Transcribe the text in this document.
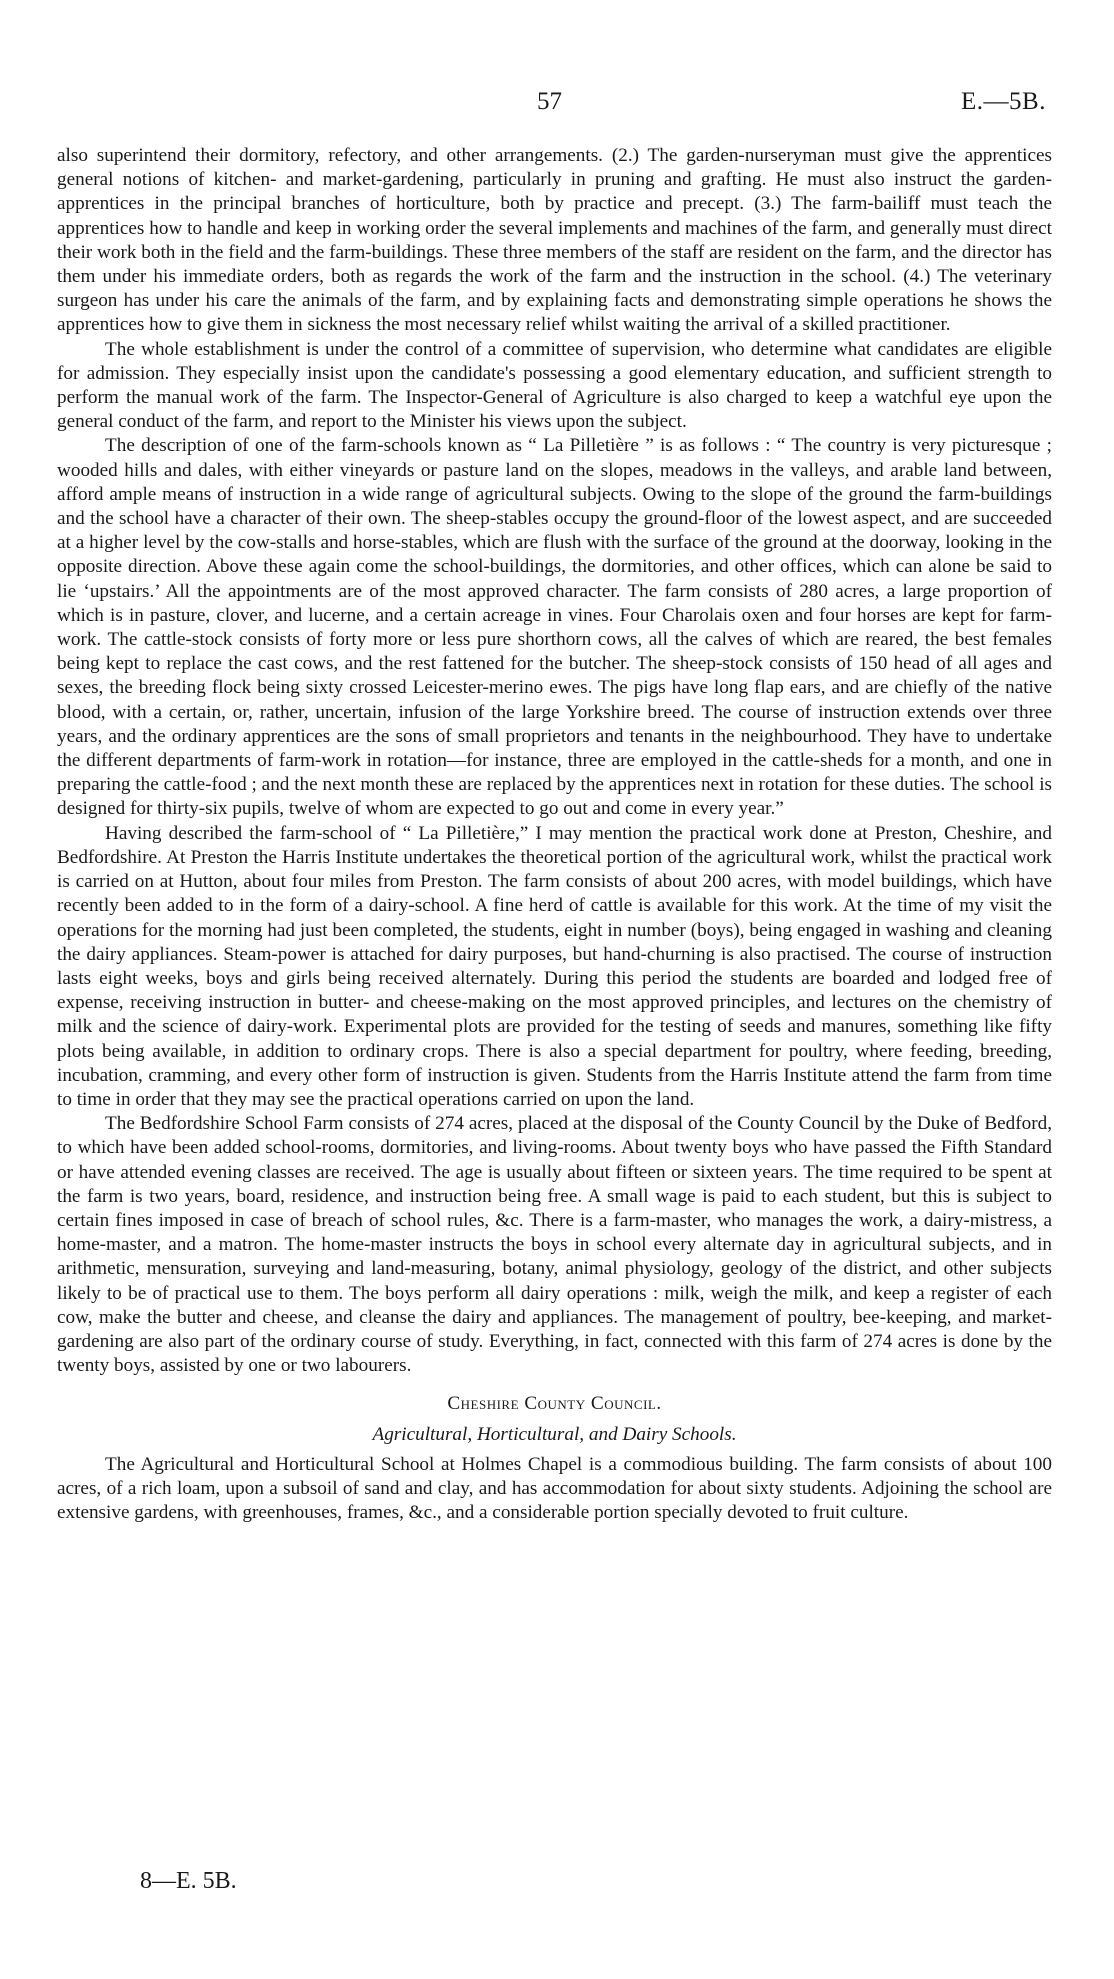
57	E.—5B.

also superintend their dormitory, refectory, and other arrangements. (2.) The garden-nurseryman must give the apprentices general notions of kitchen- and market-gardening, particularly in pruning and grafting. He must also instruct the garden-apprentices in the principal branches of horticulture, both by practice and precept. (3.) The farm-bailiff must teach the apprentices how to handle and keep in working order the several implements and machines of the farm, and generally must direct their work both in the field and the farm-buildings. These three members of the staff are resident on the farm, and the director has them under his immediate orders, both as regards the work of the farm and the instruction in the school. (4.) The veterinary surgeon has under his care the animals of the farm, and by explaining facts and demonstrating simple operations he shows the apprentices how to give them in sickness the most necessary relief whilst waiting the arrival of a skilled practitioner.

The whole establishment is under the control of a committee of supervision, who determine what candidates are eligible for admission. They especially insist upon the candidate's possessing a good elementary education, and sufficient strength to perform the manual work of the farm. The Inspector-General of Agriculture is also charged to keep a watchful eye upon the general conduct of the farm, and report to the Minister his views upon the subject.

The description of one of the farm-schools known as “ La Pilletière ” is as follows : “ The country is very picturesque ; wooded hills and dales, with either vineyards or pasture land on the slopes, meadows in the valleys, and arable land between, afford ample means of instruction in a wide range of agricultural subjects. Owing to the slope of the ground the farm-buildings and the school have a character of their own. The sheep-stables occupy the ground-floor of the lowest aspect, and are succeeded at a higher level by the cow-stalls and horse-stables, which are flush with the surface of the ground at the doorway, looking in the opposite direction. Above these again come the school-buildings, the dormitories, and other offices, which can alone be said to lie ‘upstairs.’ All the appointments are of the most approved character. The farm consists of 280 acres, a large proportion of which is in pasture, clover, and lucerne, and a certain acreage in vines. Four Charolais oxen and four horses are kept for farm-work. The cattle-stock consists of forty more or less pure shorthorn cows, all the calves of which are reared, the best females being kept to replace the cast cows, and the rest fattened for the butcher. The sheep-stock consists of 150 head of all ages and sexes, the breeding flock being sixty crossed Leicester-merino ewes. The pigs have long flap ears, and are chiefly of the native blood, with a certain, or, rather, uncertain, infusion of the large Yorkshire breed. The course of instruction extends over three years, and the ordinary apprentices are the sons of small proprietors and tenants in the neighbourhood. They have to undertake the different departments of farm-work in rotation—for instance, three are employed in the cattle-sheds for a month, and one in preparing the cattle-food ; and the next month these are replaced by the apprentices next in rotation for these duties. The school is designed for thirty-six pupils, twelve of whom are expected to go out and come in every year.”

Having described the farm-school of “ La Pilletière,” I may mention the practical work done at Preston, Cheshire, and Bedfordshire. At Preston the Harris Institute undertakes the theoretical portion of the agricultural work, whilst the practical work is carried on at Hutton, about four miles from Preston. The farm consists of about 200 acres, with model buildings, which have recently been added to in the form of a dairy-school. A fine herd of cattle is available for this work. At the time of my visit the operations for the morning had just been completed, the students, eight in number (boys), being engaged in washing and cleaning the dairy appliances. Steam-power is attached for dairy purposes, but hand-churning is also practised. The course of instruction lasts eight weeks, boys and girls being received alternately. During this period the students are boarded and lodged free of expense, receiving instruction in butter- and cheese-making on the most approved principles, and lectures on the chemistry of milk and the science of dairy-work. Experimental plots are provided for the testing of seeds and manures, something like fifty plots being available, in addition to ordinary crops. There is also a special department for poultry, where feeding, breeding, incubation, cramming, and every other form of instruction is given. Students from the Harris Institute attend the farm from time to time in order that they may see the practical operations carried on upon the land.

The Bedfordshire School Farm consists of 274 acres, placed at the disposal of the County Council by the Duke of Bedford, to which have been added school-rooms, dormitories, and living-rooms. About twenty boys who have passed the Fifth Standard or have attended evening classes are received. The age is usually about fifteen or sixteen years. The time required to be spent at the farm is two years, board, residence, and instruction being free. A small wage is paid to each student, but this is subject to certain fines imposed in case of breach of school rules, &c. There is a farm-master, who manages the work, a dairy-mistress, a home-master, and a matron. The home-master instructs the boys in school every alternate day in agricultural subjects, and in arithmetic, mensuration, surveying and land-measuring, botany, animal physiology, geology of the district, and other subjects likely to be of practical use to them. The boys perform all dairy operations : milk, weigh the milk, and keep a register of each cow, make the butter and cheese, and cleanse the dairy and appliances. The management of poultry, bee-keeping, and market-gardening are also part of the ordinary course of study. Everything, in fact, connected with this farm of 274 acres is done by the twenty boys, assisted by one or two labourers.

Cheshire County Council.
Agricultural, Horticultural, and Dairy Schools.

The Agricultural and Horticultural School at Holmes Chapel is a commodious building. The farm consists of about 100 acres, of a rich loam, upon a subsoil of sand and clay, and has accommodation for about sixty students. Adjoining the school are extensive gardens, with greenhouses, frames, &c., and a considerable portion specially devoted to fruit culture.

8—E. 5B.
